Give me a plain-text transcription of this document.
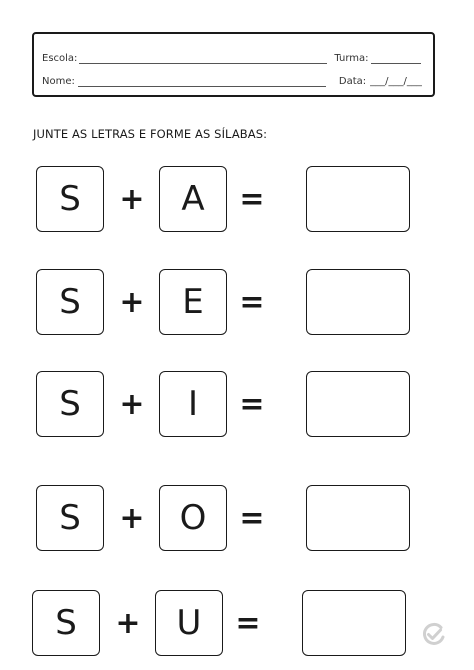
Escola:	Turma:
Nome:	Data: ___/___/___
JUNTE AS LETRAS E FORME AS SÍLABAS:
S	+	A	=
S	+	E	=
S	+	I	=
S	+	O	=
S	+	U	=
